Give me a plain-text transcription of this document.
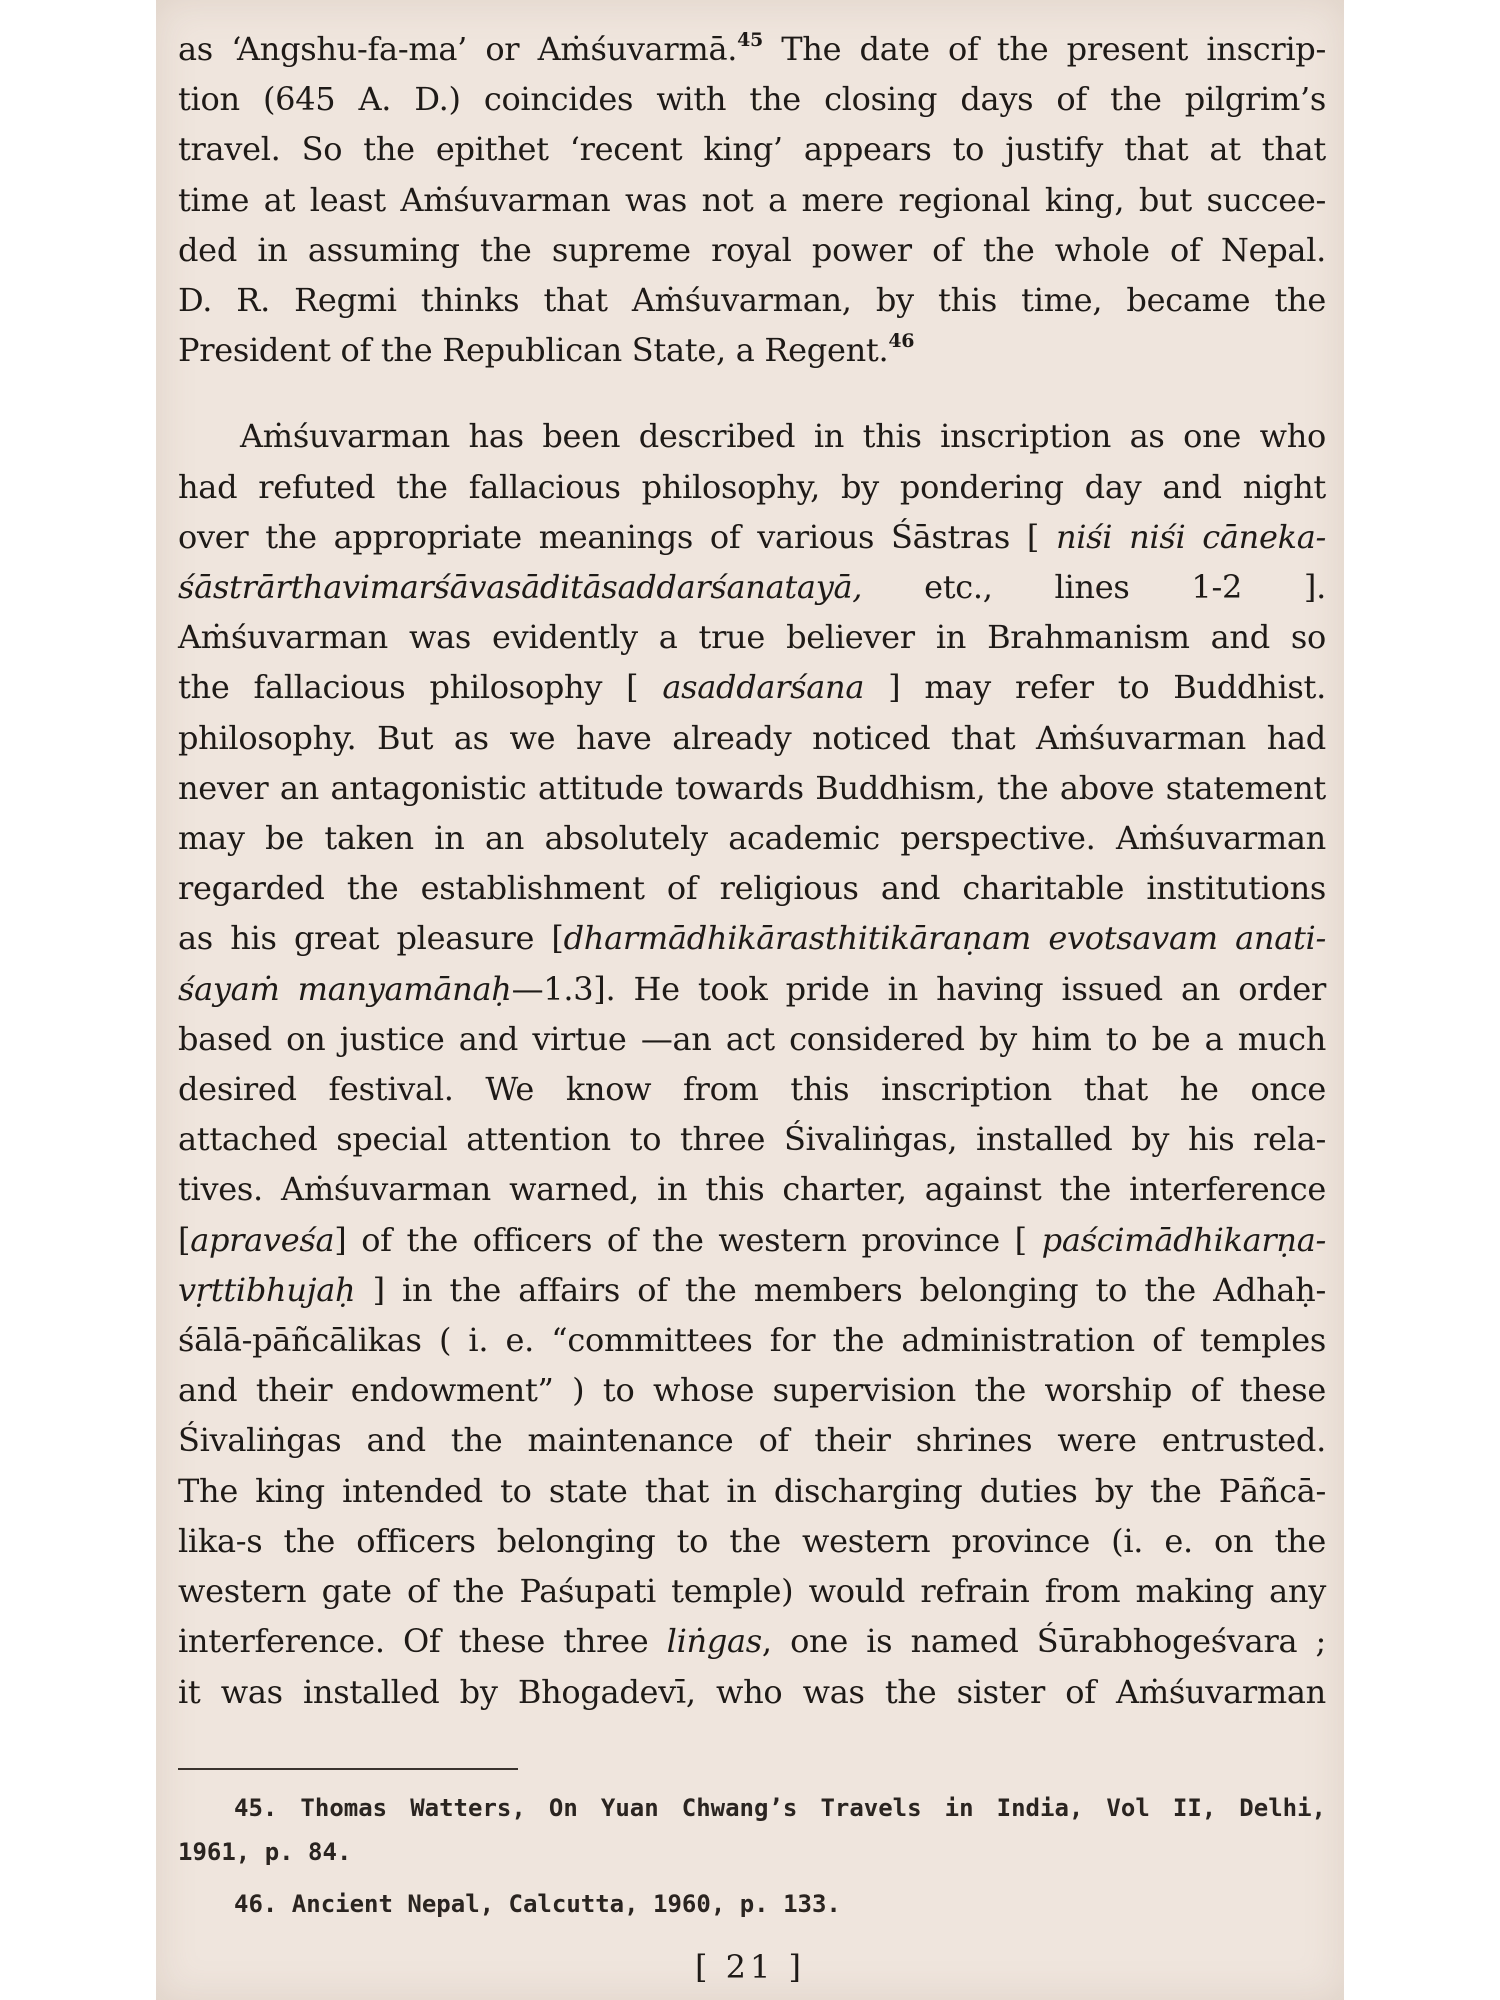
as ‘Angshu-fa-ma’ or Aṁśuvarmā.$^{45}$ The date of the present inscrip-
tion (645 A. D.) coincides with the closing days of the pilgrim’s
travel. So the epithet ‘recent king’ appears to justify that at that
time at least Aṁśuvarman was not a mere regional king, but succee-
ded in assuming the supreme royal power of the whole of Nepal.
D. R. Regmi thinks that Aṁśuvarman, by this time, became the
President of the Republican State, a Regent.$^{46}$
Aṁśuvarman has been described in this inscription as one who
had refuted the fallacious philosophy, by pondering day and night
over the appropriate meanings of various Śāstras [ niśi niśi cāneka-
śāstrārthavimarśāvasāditāsaddarśanatayā, etc., lines 1-2 ].
Aṁśuvarman was evidently a true believer in Brahmanism and so
the fallacious philosophy [ asaddarśana ] may refer to Buddhist.
philosophy. But as we have already noticed that Aṁśuvarman had
never an antagonistic attitude towards Buddhism, the above statement
may be taken in an absolutely academic perspective. Aṁśuvarman
regarded the establishment of religious and charitable institutions
as his great pleasure [dharmādhikārasthitikāraṇam evotsavam anati-
śayaṁ manyamānaḥ—1.3]. He took pride in having issued an order
based on justice and virtue —an act considered by him to be a much
desired festival. We know from this inscription that he once
attached special attention to three Śivaliṅgas, installed by his rela-
tives. Aṁśuvarman warned, in this charter, against the interference
[apraveśa] of the officers of the western province [ paścimādhikarṇa-
vṛttibhujaḥ ] in the affairs of the members belonging to the Adhaḥ-
śālā-pāñcālikas ( i. e. “committees for the administration of temples
and their endowment” ) to whose supervision the worship of these
Śivaliṅgas and the maintenance of their shrines were entrusted.
The king intended to state that in discharging duties by the Pāñcā-
lika-s the officers belonging to the western province (i. e. on the
western gate of the Paśupati temple) would refrain from making any
interference. Of these three liṅgas, one is named Śūrabhogeśvara ;
it was installed by Bhogadevī, who was the sister of Aṁśuvarman
45. Thomas Watters, On Yuan Chwang’s Travels in India, Vol II, Delhi,
1961, p. 84.
46. Ancient Nepal, Calcutta, 1960, p. 133.
[ 21 ]
